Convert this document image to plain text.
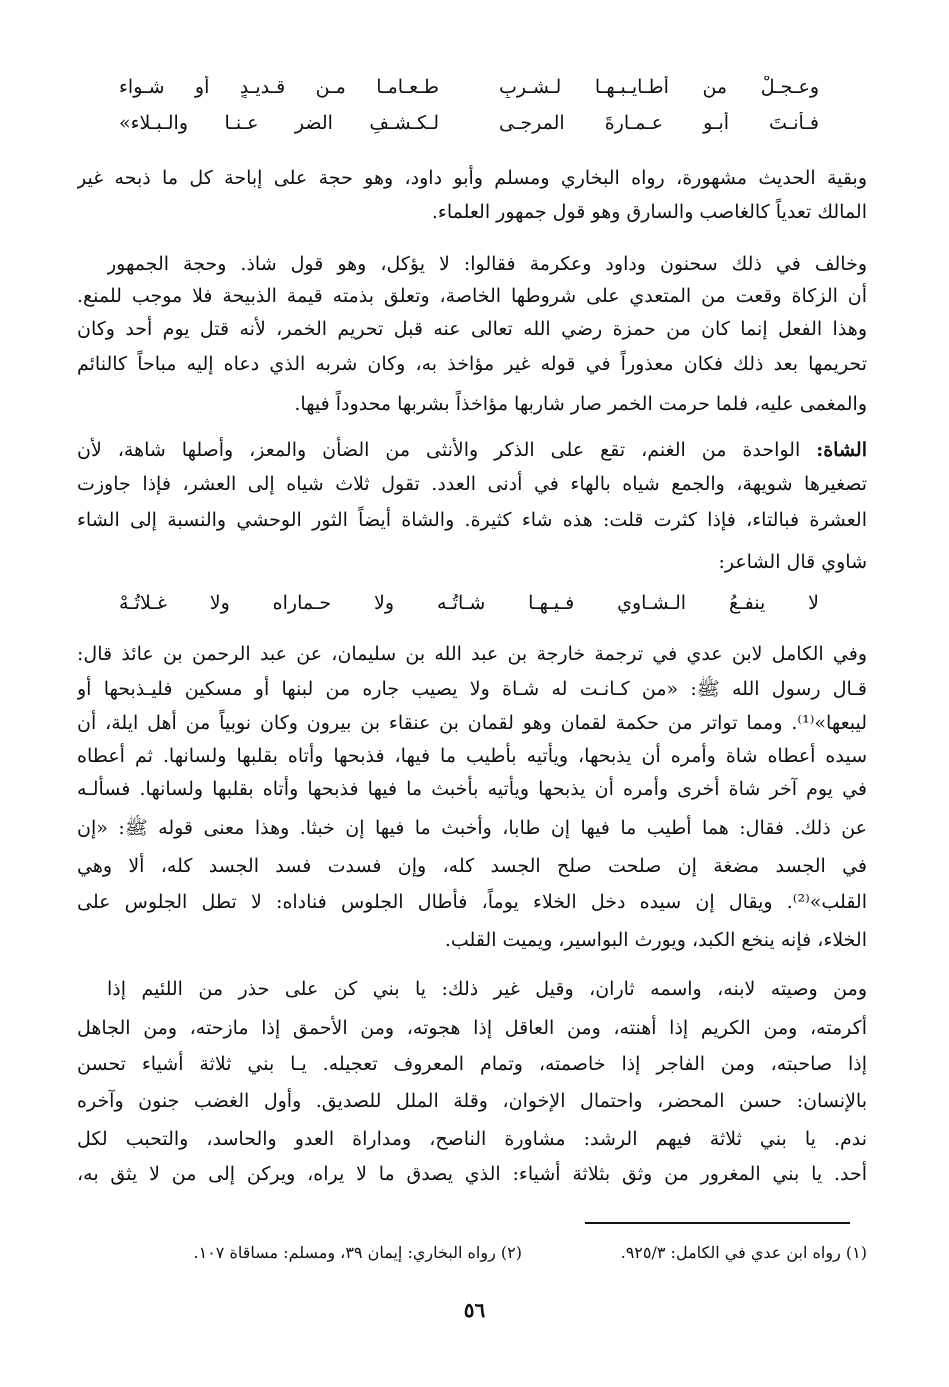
وعـجـلْ من أطـايـبـهـا لـشـربٍ
طـعـامـا مـن قـديـدٍ أو شـواء
فـأنـتَ أبـو عـمـارةَ المرجـى
لـكـشـفِ الضر عـنـا والـبـلاء»
وبقية الحديث مشهورة، رواه البخاري ومسلم وأبو داود، وهو حجة على إباحة كل ما ذبحه غير
المالك تعدياً كالغاصب والسارق وهو قول جمهور العلماء.
وخالف في ذلك سحنون وداود وعكرمة فقالوا: لا يؤكل، وهو قول شاذ. وحجة الجمهور
أن الزكاة وقعت من المتعدي على شروطها الخاصة، وتعلق بذمته قيمة الذبيحة فلا موجب للمنع.
وهذا الفعل إنما كان من حمزة رضي الله تعالى عنه قبل تحريم الخمر، لأنه قتل يوم أحد وكان
تحريمها بعد ذلك فكان معذوراً في قوله غير مؤاخذ به، وكان شربه الذي دعاه إليه مباحاً كالنائم
والمغمى عليه، فلما حرمت الخمر صار شاربها مؤاخذاً بشربها محدوداً فيها.
الشاة: الواحدة من الغنم، تقع على الذكر والأنثى من الضأن والمعز، وأصلها شاهة، لأن
تصغيرها شويهة، والجمع شياه بالهاء في أدنى العدد. تقول ثلاث شياه إلى العشر، فإذا جاوزت
العشرة فبالتاء، فإذا كثرت قلت: هذه شاء كثيرة. والشاة أيضاً الثور الوحشي والنسبة إلى الشاء
شاوي قال الشاعر:
لا ينفـعُ الـشـاوي فـيـهـا شـاتُـه ولا حـماراه ولا غـلاتُـهْ
وفي الكامل لابن عدي في ترجمة خارجة بن عبد الله بن سليمان، عن عبد الرحمن بن عائذ قال:
قـال رسول الله ﷺ: «من كـانـت له شـاة ولا يصيب جاره من لبنها أو مسكين فليـذبحها أو
ليبعها»⁽¹⁾. ومما تواتر من حكمة لقمان وهو لقمان بن عنقاء بن بيرون وكان نوبياً من أهل ايلة، أن
سيده أعطاه شاة وأمره أن يذبحها، ويأتيه بأطيب ما فيها، فذبحها وأتاه بقلبها ولسانها. ثم أعطاه
في يوم آخر شاة أخرى وأمره أن يذبحها ويأتيه بأخبث ما فيها فذبحها وأتاه بقلبها ولسانها. فسألـه
عن ذلك. فقال: هما أطيب ما فيها إن طابا، وأخبث ما فيها إن خبثا. وهذا معنى قوله ﷺ: «إن
في الجسد مضغة إن صلحت صلح الجسد كله، وإن فسدت فسد الجسد كله، ألا وهي
القلب»⁽²⁾. ويقال إن سيده دخل الخلاء يوماً، فأطال الجلوس فناداه: لا تطل الجلوس على
الخلاء، فإنه ينخع الكبد، ويورث البواسير، ويميت القلب.
ومن وصيته لابنه، واسمه ثاران، وقيل غير ذلك: يا بني كن على حذر من اللئيم إذا
أكرمته، ومن الكريم إذا أهنته، ومن العاقل إذا هجوته، ومن الأحمق إذا مازحته، ومن الجاهل
إذا صاحبته، ومن الفاجر إذا خاصمته، وتمام المعروف تعجيله. يـا بني ثلاثة أشياء تحسن
بالإنسان: حسن المحضر، واحتمال الإخوان، وقلة الملل للصديق. وأول الغضب جنون وآخره
ندم. يا بني ثلاثة فيهم الرشد: مشاورة الناصح، ومداراة العدو والحاسد، والتحبب لكل
أحد. يا بني المغرور من وثق بثلاثة أشياء: الذي يصدق ما لا يراه، ويركن إلى من لا يثق به،
(١) رواه ابن عدي في الكامل: ٩٢٥/٣.
(٢) رواه البخاري: إيمان ٣٩، ومسلم: مساقاة ١٠٧.
٥٦
